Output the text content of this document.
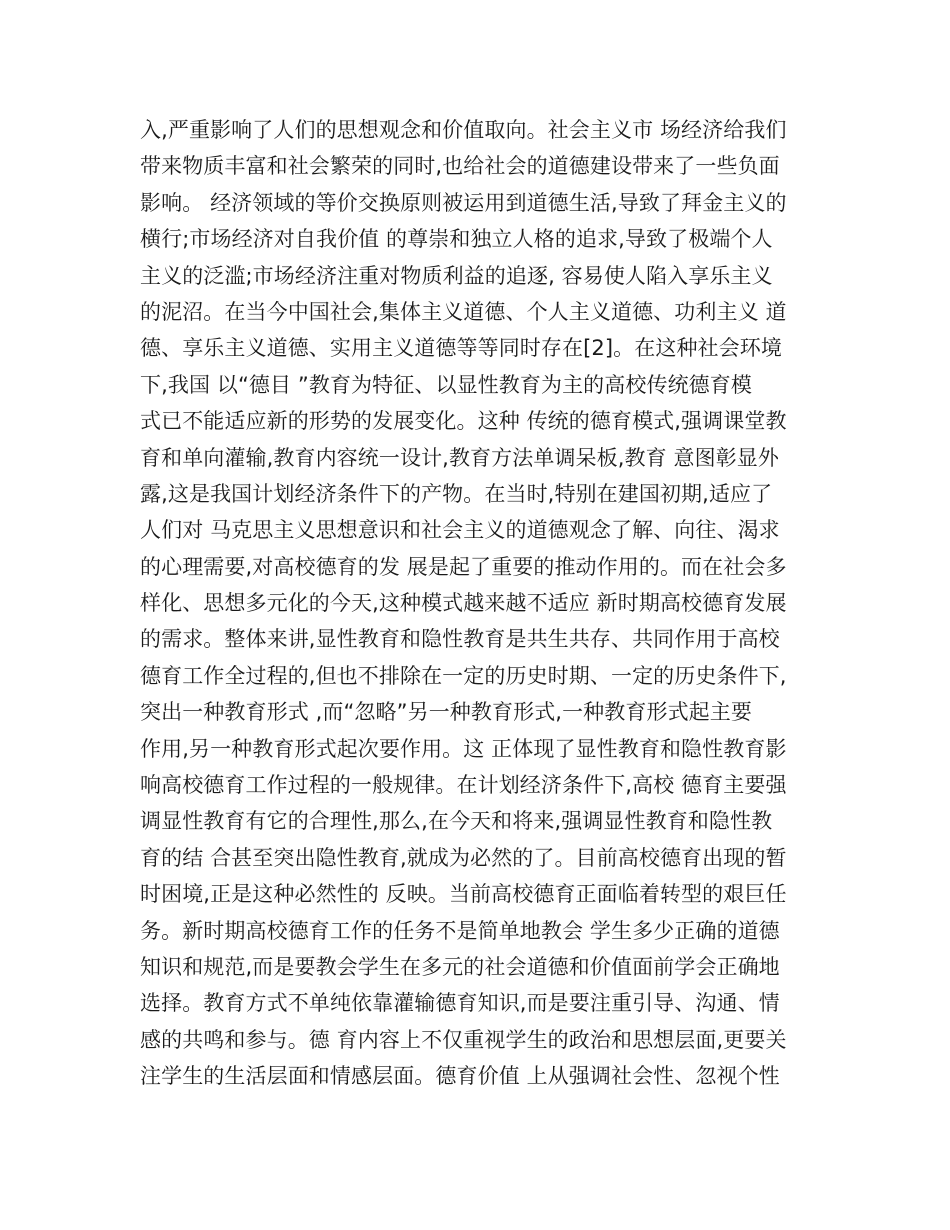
入,严重影响了人们的思想观念和价值取向。社会主义市 场经济给我们
带来物质丰富和社会繁荣的同时,也给社会的道德建设带来了一些负面
影响。 经济领域的等价交换原则被运用到道德生活,导致了拜金主义的
横行;市场经济对自我价值 的尊崇和独立人格的追求,导致了极端个人
主义的泛滥;市场经济注重对物质利益的追逐, 容易使人陷入享乐主义
的泥沼。在当今中国社会,集体主义道德、个人主义道德、功利主义 道
德、享乐主义道德、实用主义道德等等同时存在[2]。在这种社会环境
下,我国 以“德目 ”教育为特征、以显性教育为主的高校传统德育模
式已不能适应新的形势的发展变化。这种 传统的德育模式,强调课堂教
育和单向灌输,教育内容统一设计,教育方法单调呆板,教育 意图彰显外
露,这是我国计划经济条件下的产物。在当时,特别在建国初期,适应了
人们对 马克思主义思想意识和社会主义的道德观念了解、向往、渴求
的心理需要,对高校德育的发 展是起了重要的推动作用的。而在社会多
样化、思想多元化的今天,这种模式越来越不适应 新时期高校德育发展
的需求。整体来讲,显性教育和隐性教育是共生共存、共同作用于高校
德育工作全过程的,但也不排除在一定的历史时期、一定的历史条件下,
突出一种教育形式 ,而“忽略”另一种教育形式,一种教育形式起主要
作用,另一种教育形式起次要作用。这 正体现了显性教育和隐性教育影
响高校德育工作过程的一般规律。在计划经济条件下,高校 德育主要强
调显性教育有它的合理性,那么,在今天和将来,强调显性教育和隐性教
育的结 合甚至突出隐性教育,就成为必然的了。目前高校德育出现的暂
时困境,正是这种必然性的 反映。当前高校德育正面临着转型的艰巨任
务。新时期高校德育工作的任务不是简单地教会 学生多少正确的道德
知识和规范,而是要教会学生在多元的社会道德和价值面前学会正确地
选择。教育方式不单纯依靠灌输德育知识,而是要注重引导、沟通、情
感的共鸣和参与。德 育内容上不仅重视学生的政治和思想层面,更要关
注学生的生活层面和情感层面。德育价值 上从强调社会性、忽视个性
